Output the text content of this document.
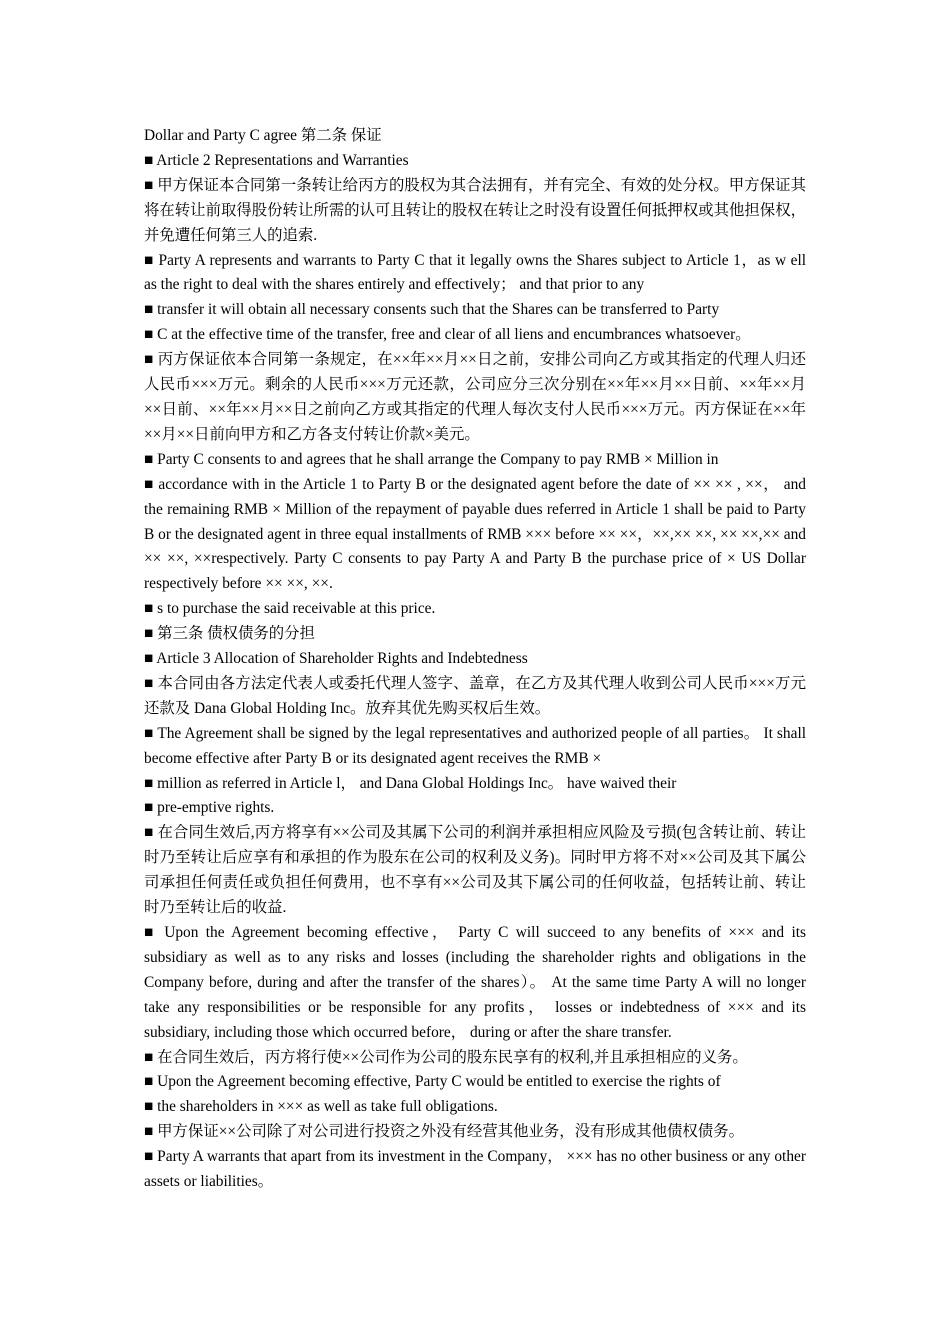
Dollar and Party C agree 第二条 保证

■ Article 2 Representations and Warranties

■ 甲方保证本合同第一条转让给丙方的股权为其合法拥有，并有完全、有效的处分权。甲方保证其将在转让前取得股份转让所需的认可且转让的股权在转让之时没有设置任何抵押权或其他担保权，并免遭任何第三人的追索.

■ Party A represents and warrants to Party C that it legally owns the Shares subject to Article 1，as w ell as the right to deal with the shares entirely and effectively； and that prior to any

■ transfer it will obtain all necessary consents such that the Shares can be transferred to Party

■ C at the effective time of the transfer, free and clear of all liens and encumbrances whatsoever。

■ 丙方保证依本合同第一条规定，在××年××月××日之前，安排公司向乙方或其指定的代理人归还人民币×××万元。剩余的人民币×××万元还款，公司应分三次分别在××年××月××日前、××年××月××日前、××年××月××日之前向乙方或其指定的代理人每次支付人民币×××万元。丙方保证在××年××月××日前向甲方和乙方各支付转让价款×美元。

■ Party C consents to and agrees that he shall arrange the Company to pay RMB × Million in

■ accordance with in the Article 1 to Party B or the designated agent before the date of ×× ×× , ××， and the remaining RMB × Million of the repayment of payable dues referred in Article 1 shall be paid to Party B or the designated agent in three equal installments of RMB ××× before ×× ××，××,×× ××, ×× ××,×× and ×× ××, ××respectively. Party C consents to pay Party A and Party B the purchase price of × US Dollar respectively before ×× ××, ××.

■ s to purchase the said receivable at this price.

■ 第三条 债权债务的分担

■ Article 3 Allocation of Shareholder Rights and Indebtedness

■ 本合同由各方法定代表人或委托代理人签字、盖章，在乙方及其代理人收到公司人民币×××万元还款及 Dana Global Holding Inc。放弃其优先购买权后生效。

■ The Agreement shall be signed by the legal representatives and authorized people of all parties。 It shall become effective after Party B or its designated agent receives the RMB ×

■ million as referred in Article l， and Dana Global Holdings Inc。 have waived their

■ pre-emptive rights.

■ 在合同生效后,丙方将享有××公司及其属下公司的利润并承担相应风险及亏损(包含转让前、转让时乃至转让后应享有和承担的作为股东在公司的权利及义务)。同时甲方将不对××公司及其下属公司承担任何责任或负担任何费用，也不享有××公司及其下属公司的任何收益，包括转让前、转让时乃至转让后的收益.

■ Upon the Agreement becoming effective， Party C will succeed to any benefits of ××× and its subsidiary as well as to any risks and losses (including the shareholder rights and obligations in the Company before, during and after the transfer of the shares）。 At the same time Party A will no longer take any responsibilities or be responsible for any profits， losses or indebtedness of ××× and its subsidiary, including those which occurred before， during or after the share transfer.

■ 在合同生效后，丙方将行使××公司作为公司的股东民享有的权利,并且承担相应的义务。

■ Upon the Agreement becoming effective, Party C would be entitled to exercise the rights of

■ the shareholders in ××× as well as take full obligations.

■ 甲方保证××公司除了对公司进行投资之外没有经营其他业务，没有形成其他债权债务。

■ Party A warrants that apart from its investment in the Company， ××× has no other business or any other assets or liabilities。
